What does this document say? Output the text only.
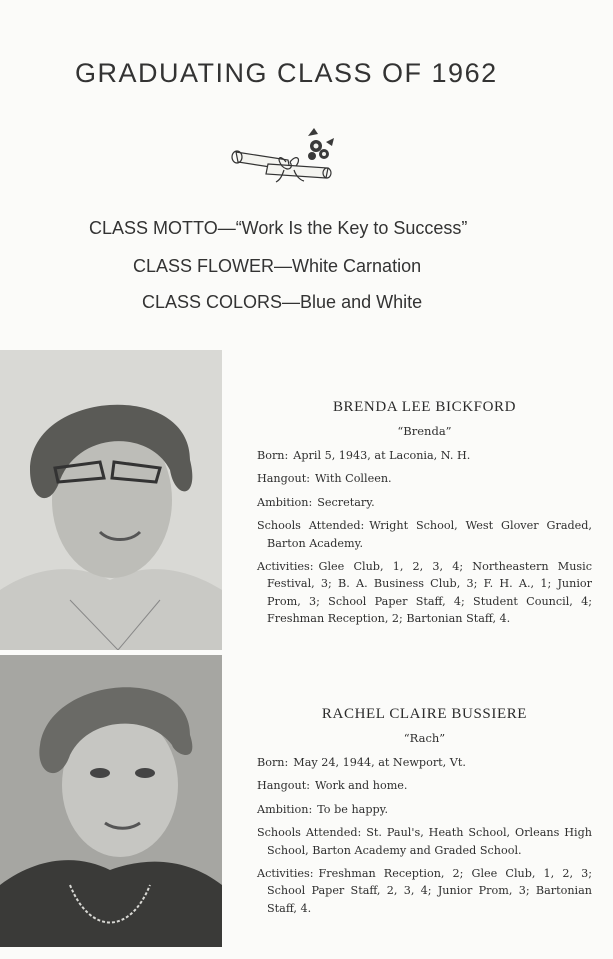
GRADUATING CLASS OF 1962
CLASS MOTTO—“Work Is the Key to Success”
CLASS FLOWER—White Carnation
CLASS COLORS—Blue and White
BRENDA LEE BICKFORD
“Brenda”
Born: April 5, 1943, at Laconia, N. H.
Hangout: With Colleen.
Ambition: Secretary.
Schools Attended: Wright School, West Glover Graded, Barton Academy.
Activities: Glee Club, 1, 2, 3, 4; Northeastern Music Festival, 3; B. A. Business Club, 3; F. H. A., 1; Junior Prom, 3; School Paper Staff, 4; Student Council, 4; Freshman Reception, 2; Bartonian Staff, 4.
RACHEL CLAIRE BUSSIERE
“Rach”
Born: May 24, 1944, at Newport, Vt.
Hangout: Work and home.
Ambition: To be happy.
Schools Attended: St. Paul's, Heath School, Orleans High School, Barton Academy and Graded School.
Activities: Freshman Reception, 2; Glee Club, 1, 2, 3; School Paper Staff, 2, 3, 4; Junior Prom, 3; Bartonian Staff, 4.
